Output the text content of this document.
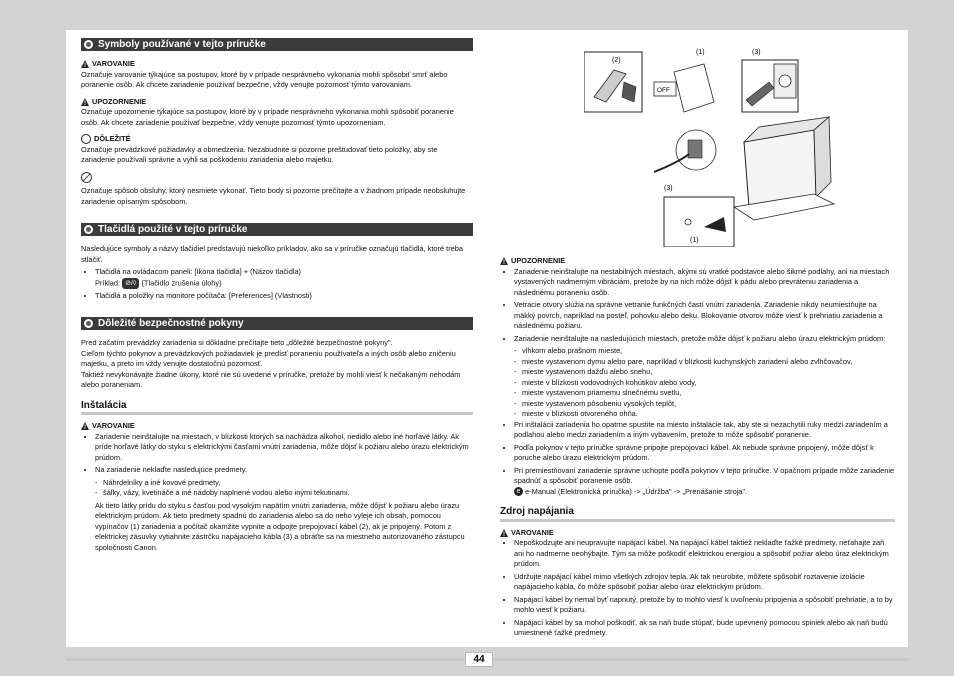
Symboly používané v tejto príručke
!
VAROVANIE

Označuje varovanie týkajúce sa postupov, ktoré by v prípade nesprávneho vykonania mohli spôsobiť smrť alebo poranenie osôb. Ak chcete zariadenie používať bezpečne, vždy venujte pozornosť týmto varovaniam.

!
UPOZORNENIE

Označuje upozornenie týkajúce sa postupov, ktoré by v prípade nesprávneho vykonania mohli spôsobiť poranenie osôb. Ak chcete zariadenie používať bezpečne, vždy venujte pozornosť týmto upozorneniam.

DÔLEŽITÉ

Označuje prevádzkové požiadavky a obmedzenia. Nezabudnite si pozorne preštudovať tieto položky, aby ste zariadenie používali správne a vyhli sa poškodeniu zariadenia alebo majetku.

Označuje spôsob obsluhy, ktorý nesmiete vykonať. Tieto body si pozorne prečítajte a v žiadnom prípade neobsluhujte zariadenie opísaným spôsobom.

Tlačidlá použité v tejto príručke

Nasledujúce symboly a názvy tlačidiel predstavujú niekoľko príkladov, ako sa v príručke označujú tlačidlá, ktoré treba stlačiť.

• Tlačidlá na ovládacom paneli: [Ikona tlačidla] + (Názov tlačidla)
Príklad: ⊘/◊ (Tlačidlo zrušenia úlohy)
• Tlačidlá a položky na monitore počítača: [Preferences] (Vlastnosti)
Dôležité bezpečnostné pokyny

Pred začatím prevádzky zariadenia si dôkladne prečítajte tieto „dôležité bezpečnostné pokyny".
Cieľom týchto pokynov a prevádzkových požiadaviek je predísť poraneniu používateľa a iných osôb alebo zničeniu majetku, a preto im vždy venujte dostatočnú pozornosť.
Taktiež nevykonávajte žiadne úkony, ktoré nie sú uvedené v príručke, pretože by mohli viesť k nečakaným nehodám alebo poraneniam.

Inštalácia
!
VAROVANIE
• Zariadenie neinštalujte na miestach, v blízkosti ktorých sa nachádza alkohol, riedidlo alebo iné horľavé látky. Ak príde horľavé látky do styku s elektrickými časťami vnútri zariadenia, môže dôjsť k požiaru alebo úrazu elektrickým prúdom.
• Na zariadenie neklaďte nasledujúce predmety.
- Náhrdelníky a iné kovové predmety,
- šálky, vázy, kvetináče a iné nádoby naplnené vodou alebo inými tekutinami.

Ak tieto látky prídu do styku s časťou pod vysokým napätím vnútri zariadenia, môže dôjsť k požiaru alebo úrazu elektrickým prúdom. Ak tieto predmety spadnú do zariadenia alebo sa do neho vyleje ich obsah, pomocou vypínačov (1) zariadenia a počítač okamžite vypnite a odpojte prepojovací kábel (2), ak je pripojený. Potom z elektrickej zásuvky vytiahnite zástrčku napájacieho kábla (3) a obráťte sa na miestneho autorizovaného zástupcu spoločnosti Canon.

(2)
(1)
OFF
(3)
(3)
(1)
!
UPOZORNENIE
• Zariadenie neinštalujte na nestabilných miestach, akými sú vratké podstavce alebo šikmé podlahy, ani na miestach vystavených nadmerným vibráciám, pretože by na nich môže dôjsť k pádu alebo prevráteniu zariadenia a následnému poraneniu osôb.
• Vetracie otvory slúžia na správne vetranie funkčných častí vnútri zariadenia. Zariadenie nikdy neumiestňujte na mäkký povrch, napríklad na posteľ, pohovku alebo deku. Blokovanie otvorov môže viesť k prehriatiu zariadenia a následnému požiaru.
• Zariadenie neinštalujte na nasledujúcich miestach, pretože môže dôjsť k požiaru alebo úrazu elektrickým prúdom:
- vlhkom alebo prašnom mieste,
- mieste vystavenom dymu alebo pare, napríklad v blízkosti kuchynských zariadení alebo zvlhčovačov,
- mieste vystavenom dažďu alebo snehu,
- mieste v blízkosti vodovodných kohútikov alebo vody,
- mieste vystavenom priamemu slnečnému svetlu,
- mieste vystavenom pôsobeniu vysokých teplôt,
- mieste v blízkosti otvoreného ohňa.
• Pri inštalácii zariadenia ho opatrne spustite na miesto inštalácie tak, aby ste si nezachytili ruky medzi zariadením a podlahou alebo medzi zariadením a iným vybavením, pretože to môže spôsobiť poranenie.
• Podľa pokynov v tejto príručke správne pripojte prepojovací kábel. Ak nebude správne pripojený, môže dôjsť k poruche alebo úrazu elektrickým prúdom.
• Pri premiestňovaní zariadenie správne uchopte podľa pokynov v tejto príručke. V opačnom prípade môže zariadenie spadnúť a spôsobiť poranenie osôb.
e e-Manual (Elektronická príručka) -> „Údržba" -> „Prenášanie stroja".
Zdroj napájania
!
VAROVANIE
• Nepoškodzujte ani neupravujte napájací kábel. Na napájací kábel taktiež neklaďte ťažké predmety, neťahajte zaň ani ho nadmerne neohýbajte. Tým sa môže poškodiť elektrickou energiou a spôsobiť požiar alebo úraz elektrickým prúdom.
• Udržujte napájací kábel mimo všetkých zdrojov tepla. Ak tak neurobite, môžete spôsobiť roztavenie izolácie napájacieho kábla, čo môže spôsobiť požiar alebo úraz elektrickým prúdom.
• Napájací kábel by nemal byť napnutý, pretože by to mohlo viesť k uvoľneniu pripojenia a spôsobiť prehriatie, a to by mohlo viesť k požiaru.
• Napájací kábel by sa mohol poškodiť, ak sa naň bude stúpať, bude upevnený pomocou spiniek alebo ak naň budú umiestnené ťažké predmety.
44
